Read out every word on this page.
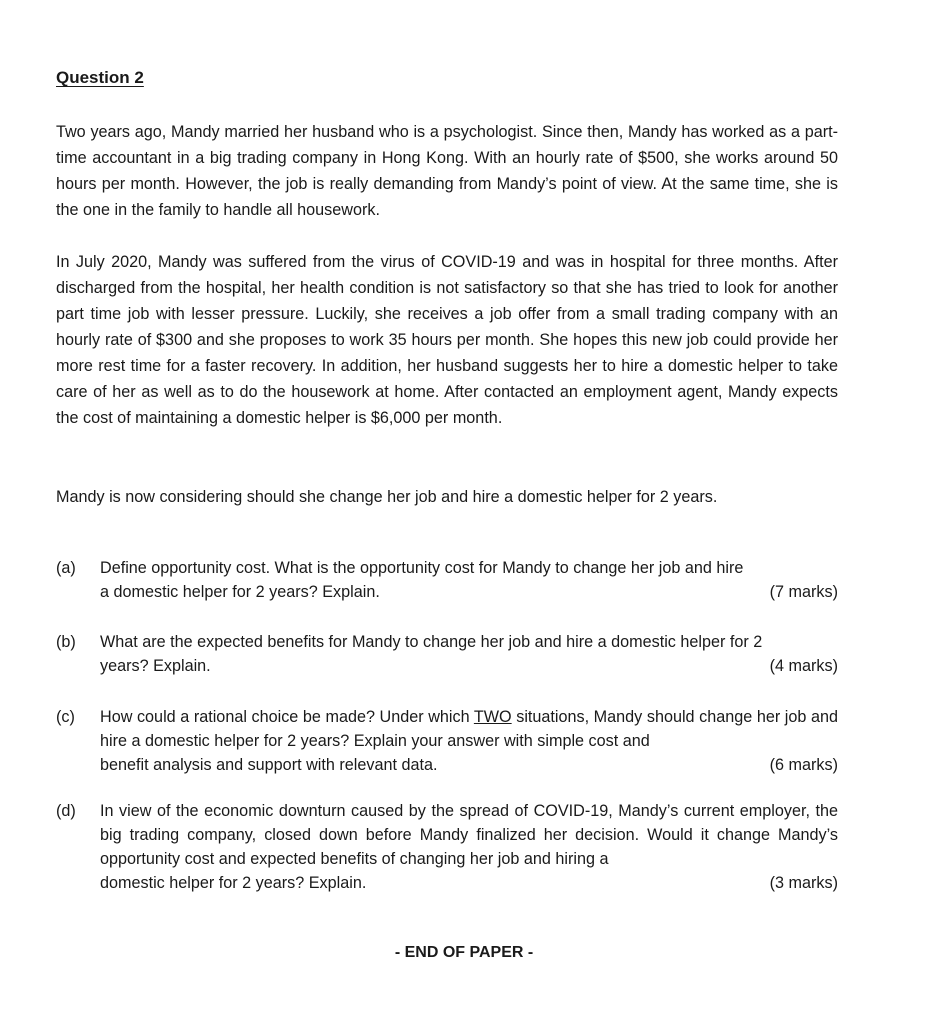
Question 2
Two years ago, Mandy married her husband who is a psychologist. Since then, Mandy has worked as a part-time accountant in a big trading company in Hong Kong. With an hourly rate of $500, she works around 50 hours per month. However, the job is really demanding from Mandy’s point of view. At the same time, she is the one in the family to handle all housework.
In July 2020, Mandy was suffered from the virus of COVID-19 and was in hospital for three months. After discharged from the hospital, her health condition is not satisfactory so that she has tried to look for another part time job with lesser pressure. Luckily, she receives a job offer from a small trading company with an hourly rate of $300 and she proposes to work 35 hours per month. She hopes this new job could provide her more rest time for a faster recovery. In addition, her husband suggests her to hire a domestic helper to take care of her as well as to do the housework at home. After contacted an employment agent, Mandy expects the cost of maintaining a domestic helper is $6,000 per month.
Mandy is now considering should she change her job and hire a domestic helper for 2 years.
(a)	Define opportunity cost. What is the opportunity cost for Mandy to change her job and hire
a domestic helper for 2 years? Explain.	(7 marks)
(b)	What are the expected benefits for Mandy to change her job and hire a domestic helper for 2
years? Explain.	(4 marks)
(c)	How could a rational choice be made? Under which TWO situations, Mandy should change her job and hire a domestic helper for 2 years? Explain your answer with simple cost and
benefit analysis and support with relevant data.	(6 marks)
(d)	In view of the economic downturn caused by the spread of COVID-19, Mandy’s current employer, the big trading company, closed down before Mandy finalized her decision. Would it change Mandy’s opportunity cost and expected benefits of changing her job and hiring a
domestic helper for 2 years? Explain.	(3 marks)
- END OF PAPER -
